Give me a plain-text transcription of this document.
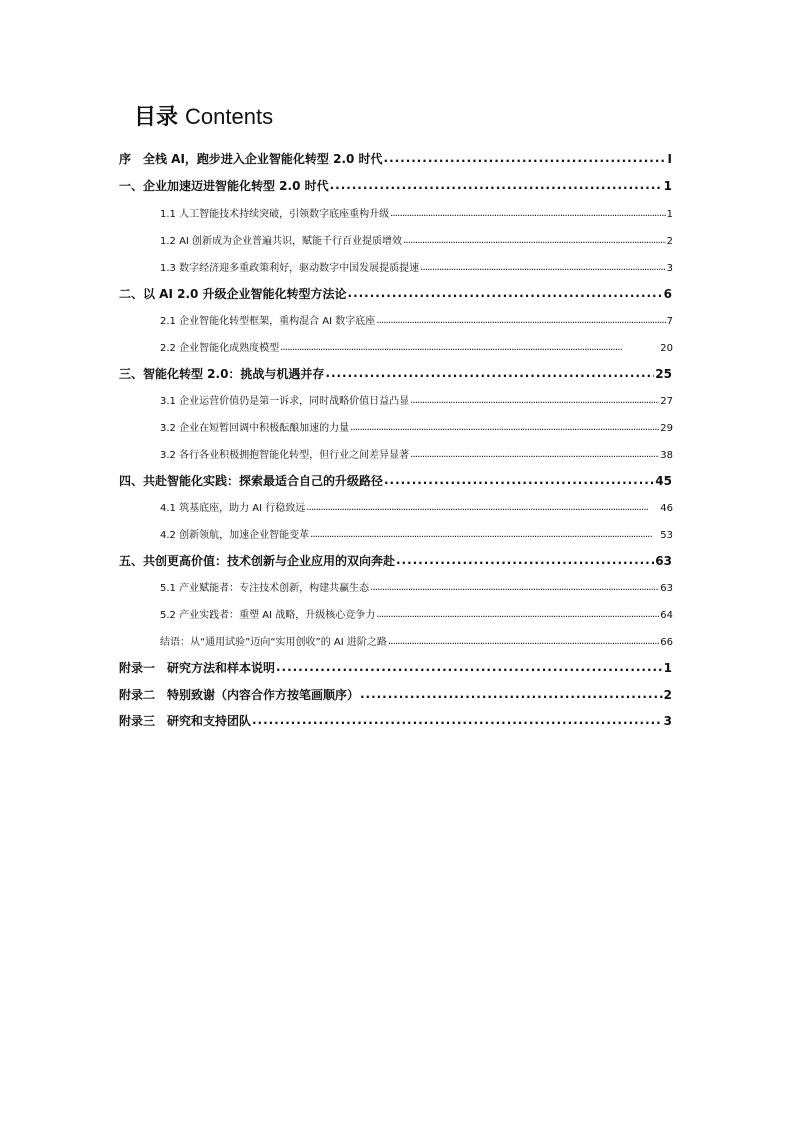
目录 Contents
序　全栈 AI，跑步进入企业智能化转型 2.0 时代 . . .	I
一、企业加速迈进智能化转型 2.0 时代 . . .	1
1.1 人工智能技术持续突破，引领数字底座重构升级 . . .	1
1.2 AI 创新成为企业普遍共识，赋能千行百业提质增效 . . .	2
1.3 数字经济迎多重政策利好，驱动数字中国发展提质提速 . . .	3
二、以 AI 2.0 升级企业智能化转型方法论 . . .	6
2.1 企业智能化转型框架，重构混合 AI 数字底座 . . .	7
2.2 企业智能化成熟度模型 . . .	20
三、智能化转型 2.0：挑战与机遇并存 . . .	25
3.1 企业运营价值仍是第一诉求，同时战略价值日益凸显 . . .	27
3.2 企业在短暂回调中积极酝酿加速的力量 . . .	29
3.2 各行各业积极拥抱智能化转型，但行业之间差异显著 . . .	38
四、共赴智能化实践：探索最适合自己的升级路径 . . .	45
4.1 筑基底座，助力 AI 行稳致远 . . .	46
4.2 创新领航，加速企业智能变革 . . .	53
五、共创更高价值：技术创新与企业应用的双向奔赴 . . .	63
5.1 产业赋能者：专注技术创新，构建共赢生态 . . .	63
5.2 产业实践者：重塑 AI 战略，升级核心竞争力 . . .	64
结语：从“通用试验”迈向“实用创收”的 AI 进阶之路 . . .	66
附录一　研究方法和样本说明 . . .	1
附录二　特别致谢（内容合作方按笔画顺序） . . .	2
附录三　研究和支持团队 . . .	3
